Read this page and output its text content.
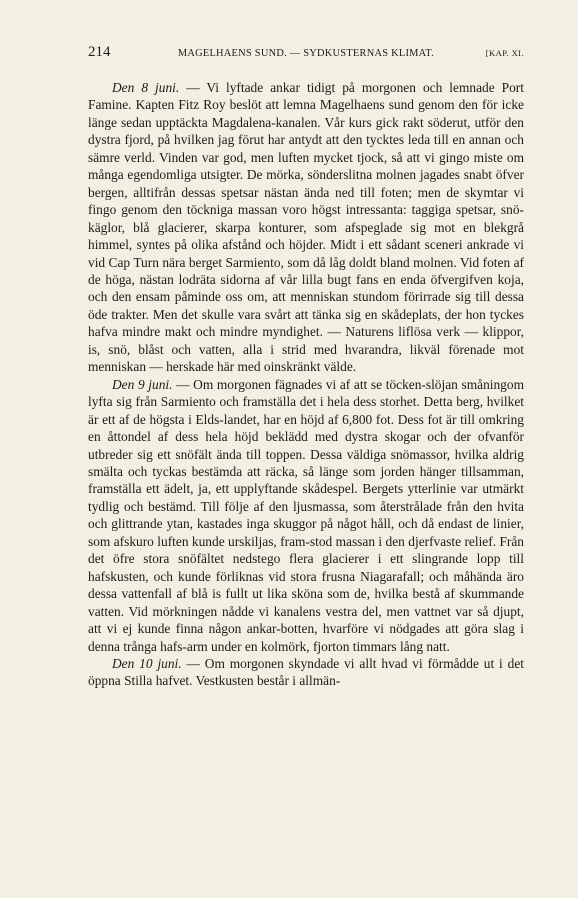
214	MAGELHAENS SUND. — SYDKUSTERNAS KLIMAT.	[KAP. XI.

Den 8 juni. — Vi lyftade ankar tidigt på morgonen och lemnade Port Famine. Kapten Fitz Roy beslöt att lemna Magelhaens sund genom den för icke länge sedan upptäckta Magdalena-kanalen. Vår kurs gick rakt söderut, utför den dystra fjord, på hvilken jag förut har antydt att den tycktes leda till en annan och sämre verld. Vinden var god, men luften mycket tjock, så att vi gingo miste om många egendomliga utsigter. De mörka, sönderslitna molnen jagades snabt öfver bergen, alltifrån dessas spetsar nästan ända ned till foten; men de skymtar vi fingo genom den töckniga massan voro högst intressanta: taggiga spetsar, snö-käglor, blå glacierer, skarpa konturer, som afspeglade sig mot en blekgrå himmel, syntes på olika afstånd och höjder. Midt i ett sådant sceneri ankrade vi vid Cap Turn nära berget Sarmiento, som då låg doldt bland molnen. Vid foten af de höga, nästan lodräta sidorna af vår lilla bugt fans en enda öfvergifven koja, och den ensam påminde oss om, att menniskan stundom förirrade sig till dessa öde trakter. Men det skulle vara svårt att tänka sig en skådeplats, der hon tyckes hafva mindre makt och mindre myndighet. — Naturens liflösa verk — klippor, is, snö, blåst och vatten, alla i strid med hvarandra, likväl förenade mot menniskan — herskade här med oinskränkt välde.

Den 9 juni. — Om morgonen fägnades vi af att se töcken-slöjan småningom lyfta sig från Sarmiento och framställa det i hela dess storhet. Detta berg, hvilket är ett af de högsta i Elds-landet, har en höjd af 6,800 fot. Dess fot är till omkring en åttondel af dess hela höjd beklädd med dystra skogar och der ofvanför utbreder sig ett snöfält ända till toppen. Dessa väldiga snömassor, hvilka aldrig smälta och tyckas bestämda att räcka, så länge som jorden hänger tillsamman, framställa ett ädelt, ja, ett upplyftande skådespel. Bergets ytterlinie var utmärkt tydlig och bestämd. Till följe af den ljusmassa, som återstrålade från den hvita och glittrande ytan, kastades inga skuggor på något håll, och då endast de linier, som afskuro luften kunde urskiljas, fram-stod massan i den djerfvaste relief. Från det öfre stora snöfältet nedstego flera glacierer i ett slingrande lopp till hafskusten, och kunde förliknas vid stora frusna Niagarafall; och måhända äro dessa vattenfall af blå is fullt ut lika sköna som de, hvilka bestå af skummande vatten. Vid mörkningen nådde vi kanalens vestra del, men vattnet var så djupt, att vi ej kunde finna någon ankar-botten, hvarföre vi nödgades att göra slag i denna trånga hafs-arm under en kolmörk, fjorton timmars lång natt.

Den 10 juni. — Om morgonen skyndade vi allt hvad vi förmådde ut i det öppna Stilla hafvet. Vestkusten består i allmän-
